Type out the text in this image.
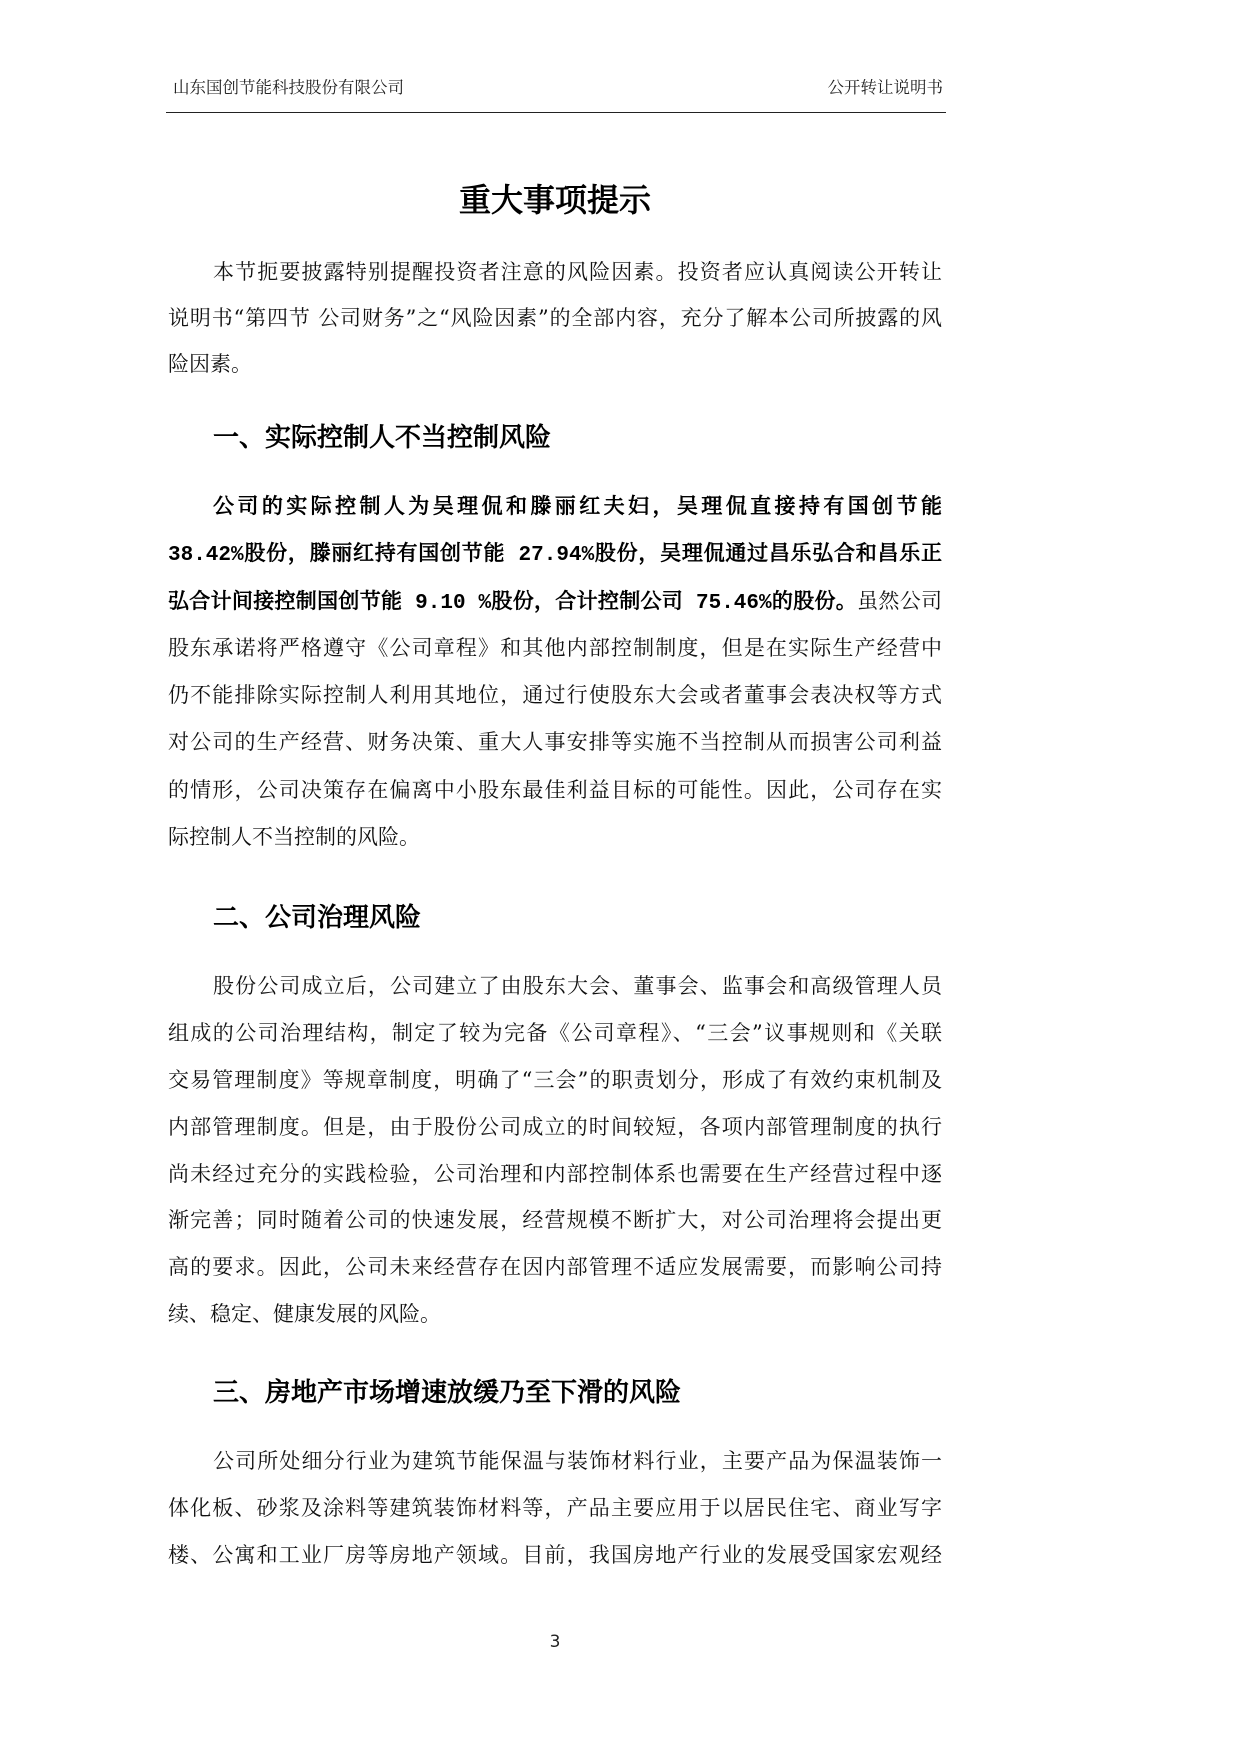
山东国创节能科技股份有限公司	公开转让说明书
重大事项提示
本节扼要披露特别提醒投资者注意的风险因素。投资者应认真阅读公开转让
说明书“第四节 公司财务”之“风险因素”的全部内容，充分了解本公司所披露的风
险因素。
一、实际控制人不当控制风险
公司的实际控制人为吴理侃和滕丽红夫妇，吴理侃直接持有国创节能
38.42%股份，滕丽红持有国创节能 27.94%股份，吴理侃通过昌乐弘合和昌乐正
弘合计间接控制国创节能 9.10 %股份，合计控制公司 75.46%的股份。虽然公司
股东承诺将严格遵守《公司章程》和其他内部控制制度，但是在实际生产经营中
仍不能排除实际控制人利用其地位，通过行使股东大会或者董事会表决权等方式
对公司的生产经营、财务决策、重大人事安排等实施不当控制从而损害公司利益
的情形，公司决策存在偏离中小股东最佳利益目标的可能性。因此，公司存在实
际控制人不当控制的风险。
二、公司治理风险
股份公司成立后，公司建立了由股东大会、董事会、监事会和高级管理人员
组成的公司治理结构，制定了较为完备《公司章程》、“三会”议事规则和《关联
交易管理制度》等规章制度，明确了“三会”的职责划分，形成了有效约束机制及
内部管理制度。但是，由于股份公司成立的时间较短，各项内部管理制度的执行
尚未经过充分的实践检验，公司治理和内部控制体系也需要在生产经营过程中逐
渐完善；同时随着公司的快速发展，经营规模不断扩大，对公司治理将会提出更
高的要求。因此，公司未来经营存在因内部管理不适应发展需要，而影响公司持
续、稳定、健康发展的风险。
三、房地产市场增速放缓乃至下滑的风险
公司所处细分行业为建筑节能保温与装饰材料行业，主要产品为保温装饰一
体化板、砂浆及涂料等建筑装饰材料等，产品主要应用于以居民住宅、商业写字
楼、公寓和工业厂房等房地产领域。目前，我国房地产行业的发展受国家宏观经
3
